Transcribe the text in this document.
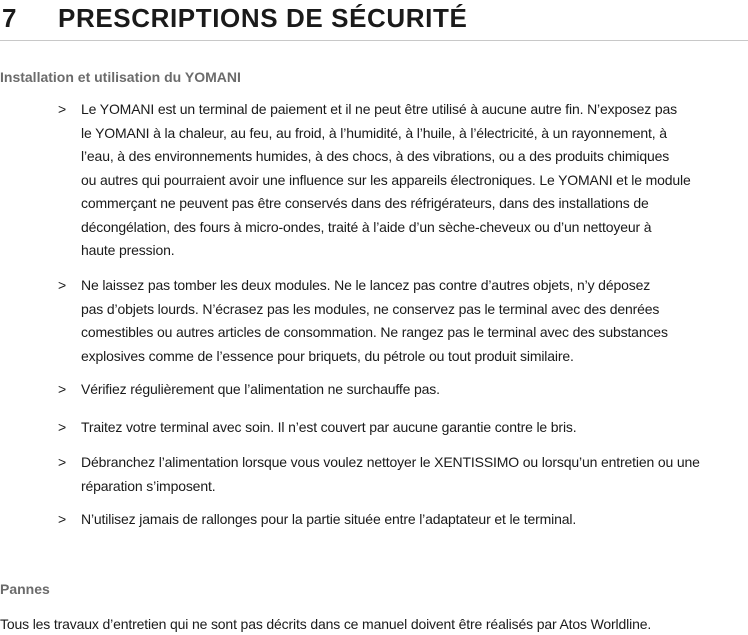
7 PRESCRIPTIONS DE SÉCURITÉ
Installation et utilisation du YOMANI
> Le YOMANI est un terminal de paiement et il ne peut être utilisé à aucune autre fin. N’exposez pas
le YOMANI à la chaleur, au feu, au froid, à l’humidité, à l’huile, à l’électricité, à un rayonnement, à
l’eau, à des environnements humides, à des chocs, à des vibrations, ou a des produits chimiques
ou autres qui pourraient avoir une influence sur les appareils électroniques. Le YOMANI et le module
commerçant ne peuvent pas être conservés dans des réfrigérateurs, dans des installations de
décongélation, des fours à micro-ondes, traité à l’aide d’un sèche-cheveux ou d’un nettoyeur à
haute pression.
> Ne laissez pas tomber les deux modules. Ne le lancez pas contre d’autres objets, n’y déposez
pas d’objets lourds. N’écrasez pas les modules, ne conservez pas le terminal avec des denrées
comestibles ou autres articles de consommation. Ne rangez pas le terminal avec des substances
explosives comme de l’essence pour briquets, du pétrole ou tout produit similaire.
> Vérifiez régulièrement que l’alimentation ne surchauffe pas.
> Traitez votre terminal avec soin. Il n’est couvert par aucune garantie contre le bris.
> Débranchez l’alimentation lorsque vous voulez nettoyer le XENTISSIMO ou lorsqu’un entretien ou une
réparation s’imposent.
> N’utilisez jamais de rallonges pour la partie située entre l’adaptateur et le terminal.
Pannes
Tous les travaux d’entretien qui ne sont pas décrits dans ce manuel doivent être réalisés par Atos Worldline.
